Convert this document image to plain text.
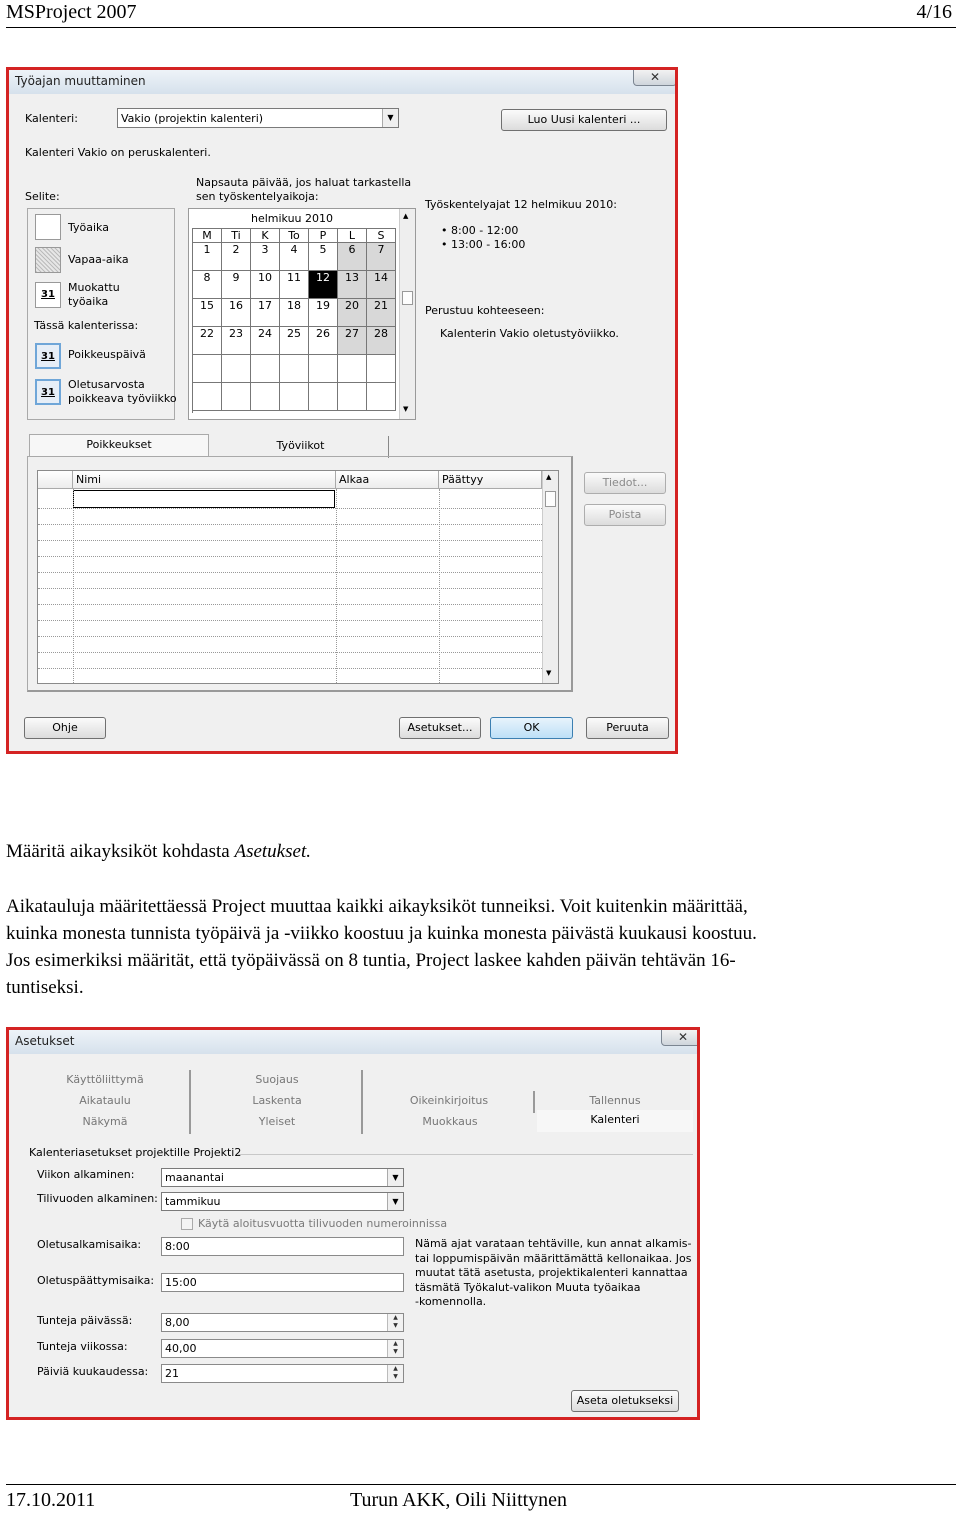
MSProject 2007	4/16
Työajan muuttaminen	✕
Kalenteri:	Vakio (projektin kalenteri)	▼	Luo Uusi kalenteri ...
Kalenteri Vakio on peruskalenteri.
Selite:
Työaika
Vapaa-aika
31
Muokattu
työaika
Tässä kalenterissa:
31	Poikkeuspäivä
31
Oletusarvosta
poikkeava työviikko
Napsauta päivää, jos haluat tarkastella
sen työskentelyaikoja:
helmikuu 2010
M	Ti	K	To	P	L	S
1	2	3	4	5	6	7
8	9	10	11	12	13	14
15	16	17	18	19	20	21
22	23	24	25	26	27	28
▲
▼
Työskentelyajat 12 helmikuu 2010:
• 8:00 - 12:00
• 13:00 - 16:00
Perustuu kohteeseen:
Kalenterin Vakio oletustyöviikko.
Poikkeukset	Työviikot
Nimi	Alkaa	Päättyy	▲
▼
Tiedot...
Poista
Ohje	Asetukset...	OK	Peruuta
Määritä aikayksiköt kohdasta Asetukset.
Aikatauluja määritettäessä Project muuttaa kaikki aikayksiköt tunneiksi. Voit kuitenkin määrittää,
kuinka monesta tunnista työpäivä ja -viikko koostuu ja kuinka monesta päivästä kuukausi koostuu.
Jos esimerkiksi määrität, että työpäivässä on 8 tuntia, Project laskee kahden päivän tehtävän 16-
tuntiseksi.
Asetukset	✕
Käyttöliittymä	Suojaus
Aikataulu	Laskenta	Oikeinkirjoitus	Tallennus
Näkymä	Yleiset	Muokkaus	Kalenteri
Kalenteriasetukset projektille Projekti2
Viikon alkaminen:	maanantai	▼
Tilivuoden alkaminen: tammikuu	▼
Käytä aloitusvuotta tilivuoden numeroinnissa
Oletusalkamisaika: 8:00
Oletuspäättymisaika: 15:00
Nämä ajat varataan tehtäville, kun annat alkamis-
tai loppumispäivän määrittämättä kellonaikaa. Jos
muutat tätä asetusta, projektikalenteri kannattaa
täsmätä Työkalut-valikon Muuta työaikaa
-komennolla.
Tunteja päivässä:	8,00	▲
▼
Tunteja viikossa:	40,00	▲
▼
Päiviä kuukaudessa: 21	▲
▼
Aseta oletukseksi
17.10.2011	Turun AKK, Oili Niittynen
